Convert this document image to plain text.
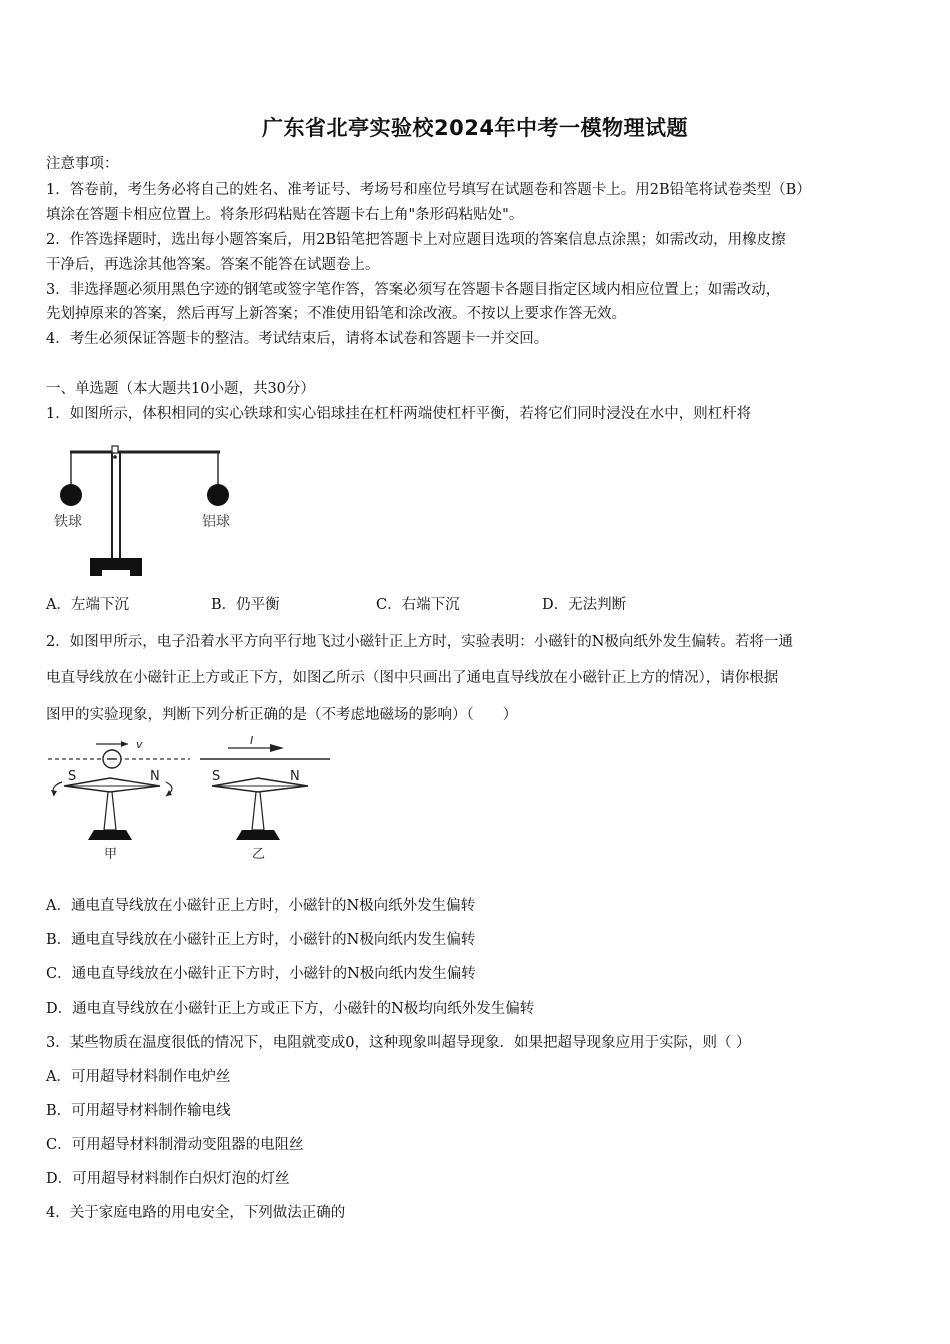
广东省北亭实验校2024年中考一模物理试题
注意事项：
1．答卷前，考生务必将自己的姓名、准考证号、考场号和座位号填写在试题卷和答题卡上。用2B铅笔将试卷类型（B）
填涂在答题卡相应位置上。将条形码粘贴在答题卡右上角"条形码粘贴处"。
2．作答选择题时，选出每小题答案后，用2B铅笔把答题卡上对应题目选项的答案信息点涂黑；如需改动，用橡皮擦
干净后，再选涂其他答案。答案不能答在试题卷上。
3．非选择题必须用黑色字迹的钢笔或签字笔作答，答案必须写在答题卡各题目指定区域内相应位置上；如需改动，
先划掉原来的答案，然后再写上新答案；不准使用铅笔和涂改液。不按以上要求作答无效。
4．考生必须保证答题卡的整洁。考试结束后，请将本试卷和答题卡一并交回。
一、单选题（本大题共10小题，共30分）
1．如图所示，体积相同的实心铁球和实心铝球挂在杠杆两端使杠杆平衡，若将它们同时浸没在水中，则杠杆将
铁球	铝球
A．左端下沉	B．仍平衡	C．右端下沉	D．无法判断
2．如图甲所示，电子沿着水平方向平行地飞过小磁针正上方时，实验表明：小磁针的N极向纸外发生偏转。若将一通
电直导线放在小磁针正上方或正下方，如图乙所示（图中只画出了通电直导线放在小磁针正上方的情况），请你根据
图甲的实验现象，判断下列分析正确的是（不考虑地磁场的影响）（　　）
v
S	N
甲
I
S	N
乙
A．通电直导线放在小磁针正上方时，小磁针的N极向纸外发生偏转
B．通电直导线放在小磁针正上方时，小磁针的N极向纸内发生偏转
C．通电直导线放在小磁针正下方时，小磁针的N极向纸内发生偏转
D．通电直导线放在小磁针正上方或正下方，小磁针的N极均向纸外发生偏转
3．某些物质在温度很低的情况下，电阻就变成0，这种现象叫超导现象．如果把超导现象应用于实际，则（ ）
A．可用超导材料制作电炉丝
B．可用超导材料制作输电线
C．可用超导材料制滑动变阻器的电阻丝
D．可用超导材料制作白炽灯泡的灯丝
4．关于家庭电路的用电安全，下列做法正确的
